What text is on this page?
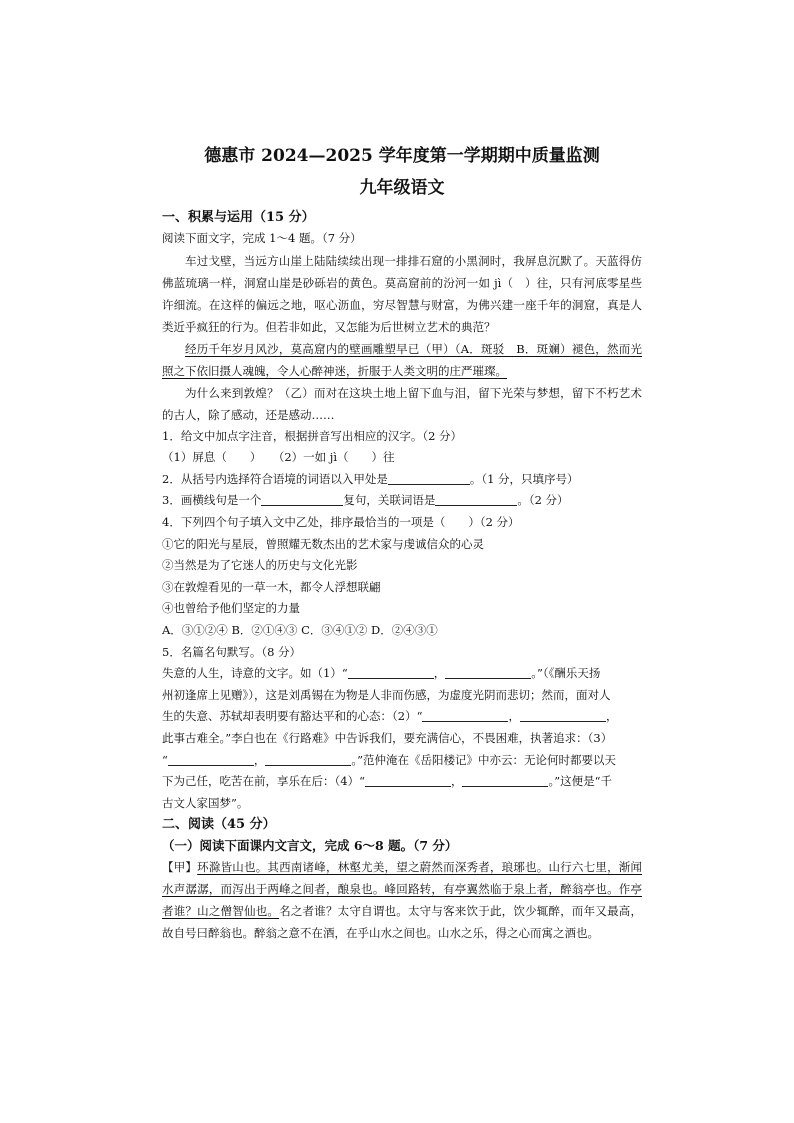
德惠市 2024—2025 学年度第一学期期中质量监测

九年级语文

一、积累与运用（15 分）

阅读下面文字，完成 1～4 题。（7 分）

车过戈壁，当远方山崖上陆陆续续出现一排排石窟的小黑洞时，我屏息沉默了。天蓝得仿佛蓝琉璃一样，洞窟山崖是砂砾岩的黄色。莫高窟前的汾河一如 jì（　）往，只有河底零星些许细流。在这样的偏远之地，呕心沥血，穷尽智慧与财富，为佛兴建一座千年的洞窟，真是人类近乎疯狂的行为。但若非如此，又怎能为后世树立艺术的典范？

经历千年岁月风沙，莫高窟内的壁画雕塑早已（甲）（A．斑驳　B．斑斓）褪色，然而光照之下依旧摄人魂魄，令人心醉神迷，折服于人类文明的庄严璀璨。

为什么来到敦煌？（乙）而对在这块土地上留下血与泪，留下光荣与梦想，留下不朽艺术的古人，除了感动，还是感动……

1．给文中加点字注音，根据拼音写出相应的汉字。（2 分）

（1）屏息（　　）　　（2）一如 jì（　　）往

2．从括号内选择符合语境的词语以入甲处是	。（1 分，只填序号）

3．画横线句是一个	复句，关联词语是	。（2 分）

4．下列四个句子填入文中乙处，排序最恰当的一项是（　　）（2 分）

①它的阳光与星辰，曾照耀无数杰出的艺术家与虔诚信众的心灵

②当然是为了它迷人的历史与文化光影

③在敦煌看见的一草一木，都令人浮想联翩

④也曾给予他们坚定的力量

A．③①②④ B．②①④③ C．③④①② D．②④③①

5．名篇名句默写。（8 分）

失意的人生，诗意的文字。如（1）“	，	。”（《酬乐天扬

州初逢席上见赠》），这是刘禹锡在为物是人非而伤感，为虚度光阴而悲切；然而，面对人

生的失意、苏轼却表明要有豁达平和的心态：（2）“	，	，

此事古难全。”李白也在《行路难》中告诉我们，要充满信心，不畏困难，执著追求：（3）

“	，	。”范仲淹在《岳阳楼记》中亦云：无论何时都要以天

下为己任，吃苦在前，享乐在后：（4）“	，	。”这便是“千

古文人家国梦”。

二、阅读（45 分）

（一）阅读下面课内文言文，完成 6～8 题。（7 分）

【甲】环滁皆山也。其西南诸峰，林壑尤美，望之蔚然而深秀者，琅琊也。山行六七里，渐闻水声潺潺，而泻出于两峰之间者，酿泉也。峰回路转，有亭翼然临于泉上者，醉翁亭也。作亭者谁？山之僧智仙也。名之者谁？太守自谓也。太守与客来饮于此，饮少辄醉，而年又最高，故自号曰醉翁也。醉翁之意不在酒，在乎山水之间也。山水之乐，得之心而寓之酒也。
